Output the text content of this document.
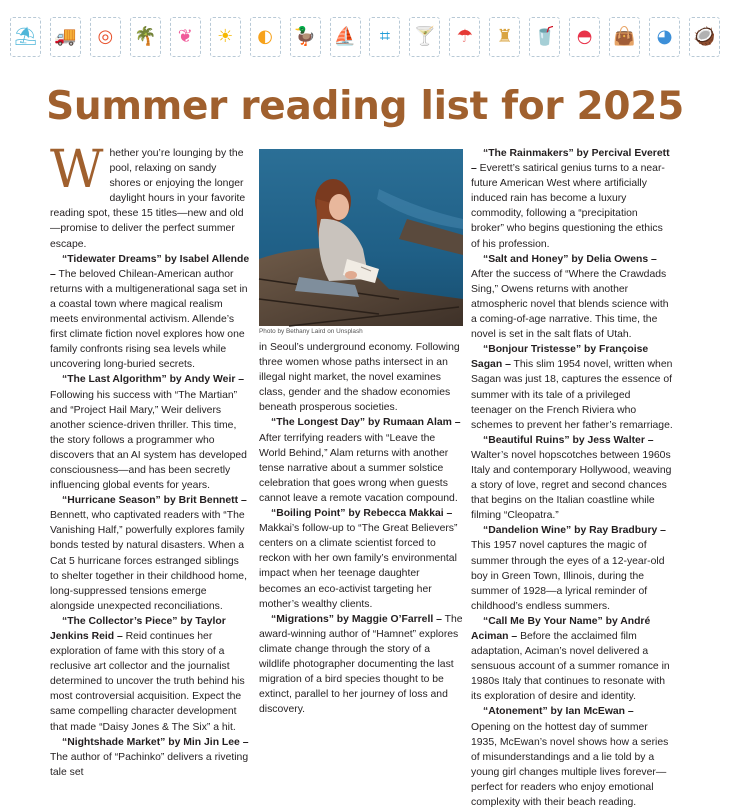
⛱ 🚚	◎	🌴	❦	☀	◐	🦆 ⛵	⌗	🍸	☂	♜	🥤	◓	👜	◕	🥥
Summer reading list for 2025

Whether you’re lounging by the pool, relaxing on sandy shores or enjoying the longer daylight hours in your favorite reading spot, these 15 titles—new and old—promise to deliver the perfect summer escape.

“Tidewater Dreams” by Isabel Allende – The beloved Chilean-American author returns with a multigenerational saga set in a coastal town where magical realism meets environmental activism. Allende’s first climate fiction novel explores how one family confronts rising sea levels while uncovering long-buried secrets.

“The Last Algorithm” by Andy Weir – Following his success with “The Martian” and “Project Hail Mary,” Weir delivers another science-driven thriller. This time, the story follows a programmer who discovers that an AI system has developed consciousness—and has been secretly influencing global events for years.

“Hurricane Season” by Brit Bennett – Bennett, who captivated readers with “The Vanishing Half,” powerfully explores family bonds tested by natural disasters. When a Cat 5 hurricane forces estranged siblings to shelter together in their childhood home, long-suppressed tensions emerge alongside unexpected reconciliations.

“The Collector’s Piece” by Taylor Jenkins Reid – Reid continues her exploration of fame with this story of a reclusive art collector and the journalist determined to uncover the truth behind his most controversial acquisition. Expect the same compelling character development that made “Daisy Jones & The Six” a hit.

“Nightshade Market” by Min Jin Lee – The author of “Pachinko” delivers a riveting tale set

Photo by Bethany Laird on Unsplash

in Seoul’s underground economy. Following three women whose paths intersect in an illegal night market, the novel examines class, gender and the shadow economies beneath prosperous societies.

“The Longest Day” by Rumaan Alam – After terrifying readers with “Leave the World Behind,” Alam returns with another tense narrative about a summer solstice celebration that goes wrong when guests cannot leave a remote vacation compound.

“Boiling Point” by Rebecca Makkai – Makkai’s follow-up to “The Great Believers” centers on a climate scientist forced to reckon with her own family’s environmental impact when her teenage daughter becomes an eco-activist targeting her mother’s wealthy clients.

“Migrations” by Maggie O’Farrell – The award-winning author of “Hamnet” explores climate change through the story of a wildlife photographer documenting the last migration of a bird species thought to be extinct, parallel to her journey of loss and discovery.

“The Rainmakers” by Percival Everett – Everett’s satirical genius turns to a near-future American West where artificially induced rain has become a luxury commodity, following a “precipitation broker” who begins questioning the ethics of his profession.

“Salt and Honey” by Delia Owens – After the success of “Where the Crawdads Sing,” Owens returns with another atmospheric novel that blends science with a coming-of-age narrative. This time, the novel is set in the salt flats of Utah.

“Bonjour Tristesse” by Françoise Sagan – This slim 1954 novel, written when Sagan was just 18, captures the essence of summer with its tale of a privileged teenager on the French Riviera who schemes to prevent her father’s remarriage.

“Beautiful Ruins” by Jess Walter – Walter’s novel hopscotches between 1960s Italy and contemporary Hollywood, weaving a story of love, regret and second chances that begins on the Italian coastline while filming “Cleopatra.”

“Dandelion Wine” by Ray Bradbury – This 1957 novel captures the magic of summer through the eyes of a 12-year-old boy in Green Town, Illinois, during the summer of 1928—a lyrical reminder of childhood’s endless summers.

“Call Me By Your Name” by André Aciman – Before the acclaimed film adaptation, Aciman’s novel delivered a sensuous account of a summer romance in 1980s Italy that continues to resonate with its exploration of desire and identity.

“Atonement” by Ian McEwan – Opening on the hottest day of summer 1935, McEwan’s novel shows how a series of misunderstandings and a lie told by a young girl changes multiple lives forever—perfect for readers who enjoy emotional complexity with their beach reading.
